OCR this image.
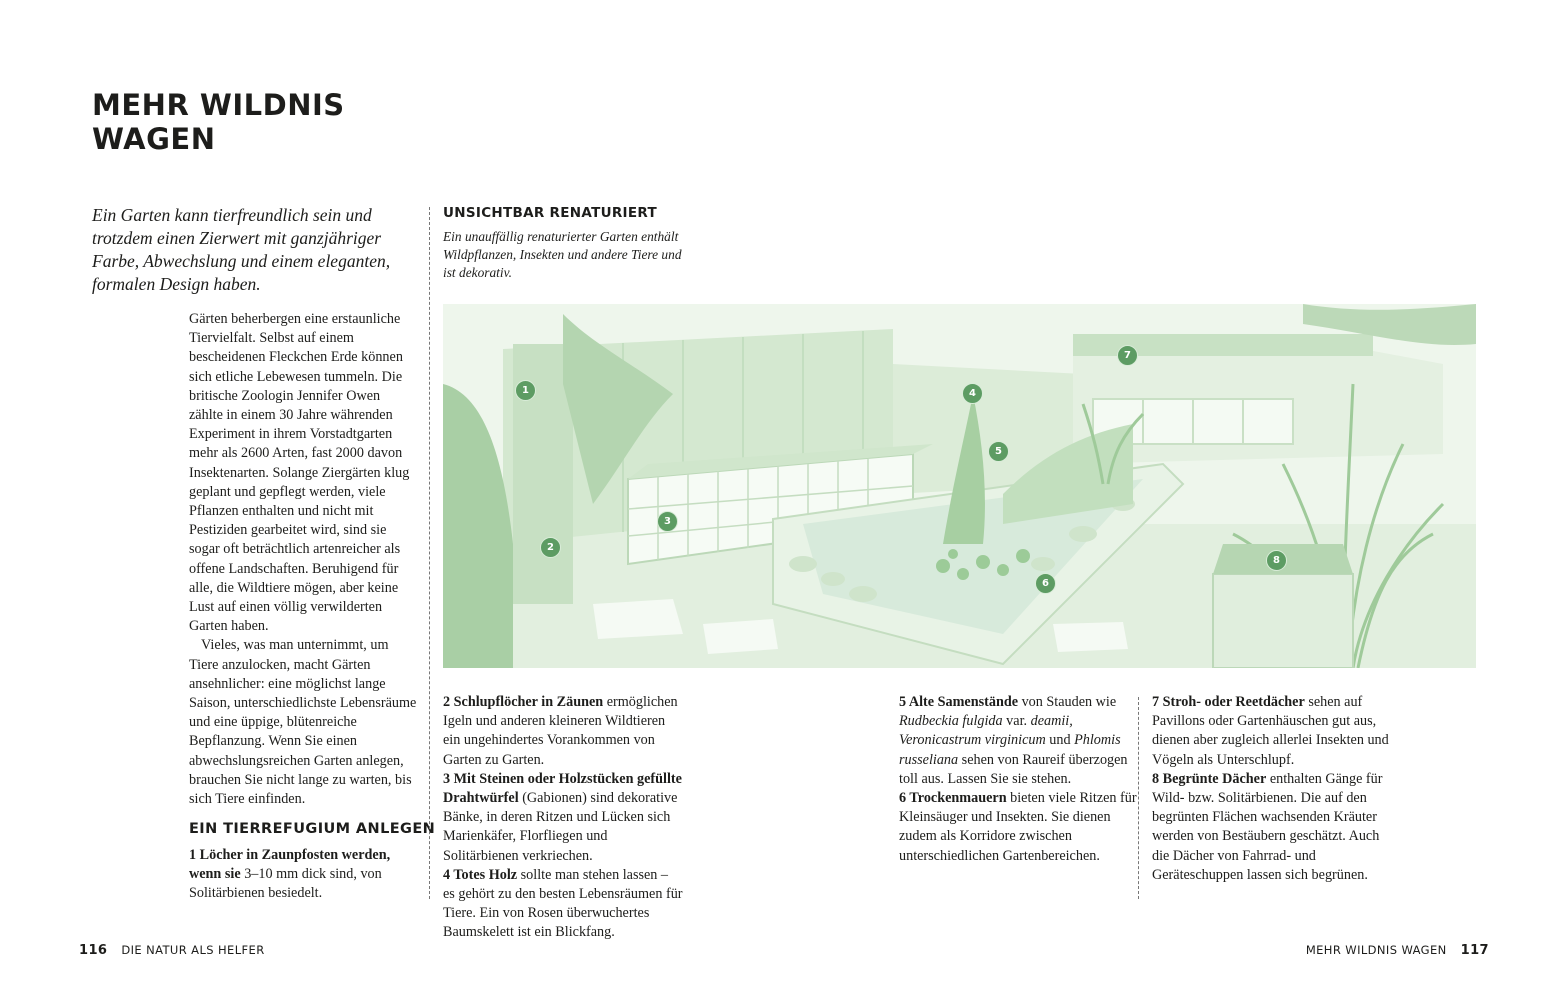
MEHR WILDNIS
WAGEN

Ein Garten kann tierfreundlich sein und trotzdem einen Zierwert mit ganzjähriger Farbe, Abwechslung und einem eleganten, formalen Design haben.

Gärten beherbergen eine erstaunliche Tiervielfalt. Selbst auf einem bescheidenen Fleckchen Erde können sich etliche Lebewesen tummeln. Die britische Zoologin Jennifer Owen zählte in einem 30 Jahre währenden Experiment in ihrem Vorstadtgarten mehr als 2600 Arten, fast 2000 davon Insektenarten. Solange Ziergärten klug geplant und gepflegt werden, viele Pflanzen enthalten und nicht mit Pestiziden gearbeitet wird, sind sie sogar oft beträchtlich artenreicher als offene Landschaften. Beruhigend für alle, die Wildtiere mögen, aber keine Lust auf einen völlig verwilderten Garten haben.

Vieles, was man unternimmt, um Tiere anzulocken, macht Gärten ansehnlicher: eine möglichst lange Saison, unterschiedlichste Lebensräume und eine üppige, blütenreiche Bepflanzung. Wenn Sie einen abwechslungsreichen Garten anlegen, brauchen Sie nicht lange zu warten, bis sich Tiere einfinden.

EIN TIERREFUGIUM ANLEGEN

1 Löcher in Zaunpfosten werden, wenn sie 3–10 mm dick sind, von Solitärbienen besiedelt.

UNSICHTBAR RENATURIERT

Ein unauffällig renaturierter Garten enthält Wildpflanzen, Insekten und andere Tiere und ist dekorativ.

1
2
3
4
5
6
7
8

2 Schlupflöcher in Zäunen ermöglichen Igeln und anderen kleineren Wildtieren ein ungehindertes Vorankommen von Garten zu Garten.

3 Mit Steinen oder Holzstücken gefüllte Drahtwürfel (Gabionen) sind dekorative Bänke, in deren Ritzen und Lücken sich Marienkäfer, Florfliegen und Solitärbienen verkriechen.

4 Totes Holz sollte man stehen lassen – es gehört zu den besten Lebensräumen für Tiere. Ein von Rosen überwuchertes Baumskelett ist ein Blickfang.

5 Alte Samenstände von Stauden wie Rudbeckia fulgida var. deamii, Veronicastrum virginicum und Phlomis russeliana sehen von Raureif überzogen toll aus. Lassen Sie sie stehen.

6 Trockenmauern bieten viele Ritzen für Kleinsäuger und Insekten. Sie dienen zudem als Korridore zwischen unterschiedlichen Gartenbereichen.

7 Stroh- oder Reetdächer sehen auf Pavillons oder Gartenhäuschen gut aus, dienen aber zugleich allerlei Insekten und Vögeln als Unterschlupf.

8 Begrünte Dächer enthalten Gänge für Wild- bzw. Solitärbienen. Die auf den begrünten Flächen wachsenden Kräuter werden von Bestäubern geschätzt. Auch die Dächer von Fahrrad- und Geräteschuppen lassen sich begrünen.

116 DIE NATUR ALS HELFER	MEHR WILDNIS WAGEN 117
